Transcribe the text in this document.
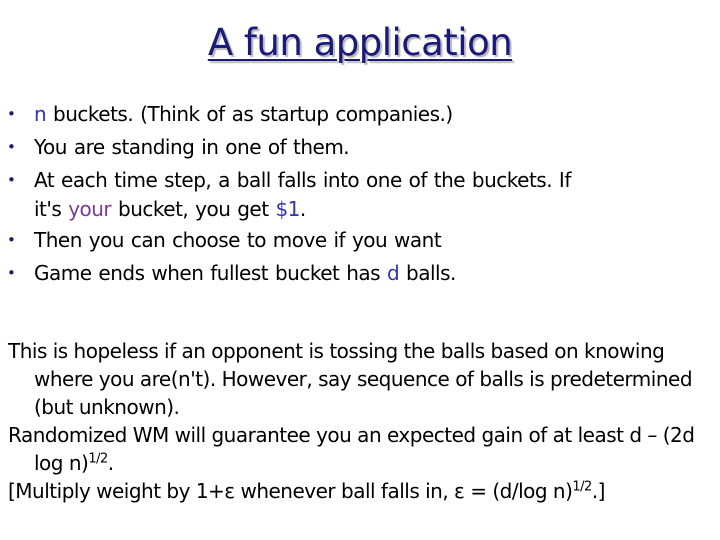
A fun application
• n buckets. (Think of as startup companies.)
• You are standing in one of them.
• At each time step, a ball falls into one of the buckets. If
it's your bucket, you get $1.
• Then you can choose to move if you want
• Game ends when fullest bucket has d balls.

This is hopeless if an opponent is tossing the balls based on knowing where you are(n't). However, say sequence of balls is predetermined (but unknown).

Randomized WM will guarantee you an expected gain of at least d – (2d log n)$^{1/2}$.

[Multiply weight by 1+ε whenever ball falls in, ε = (d/log n)$^{1/2}$.]
